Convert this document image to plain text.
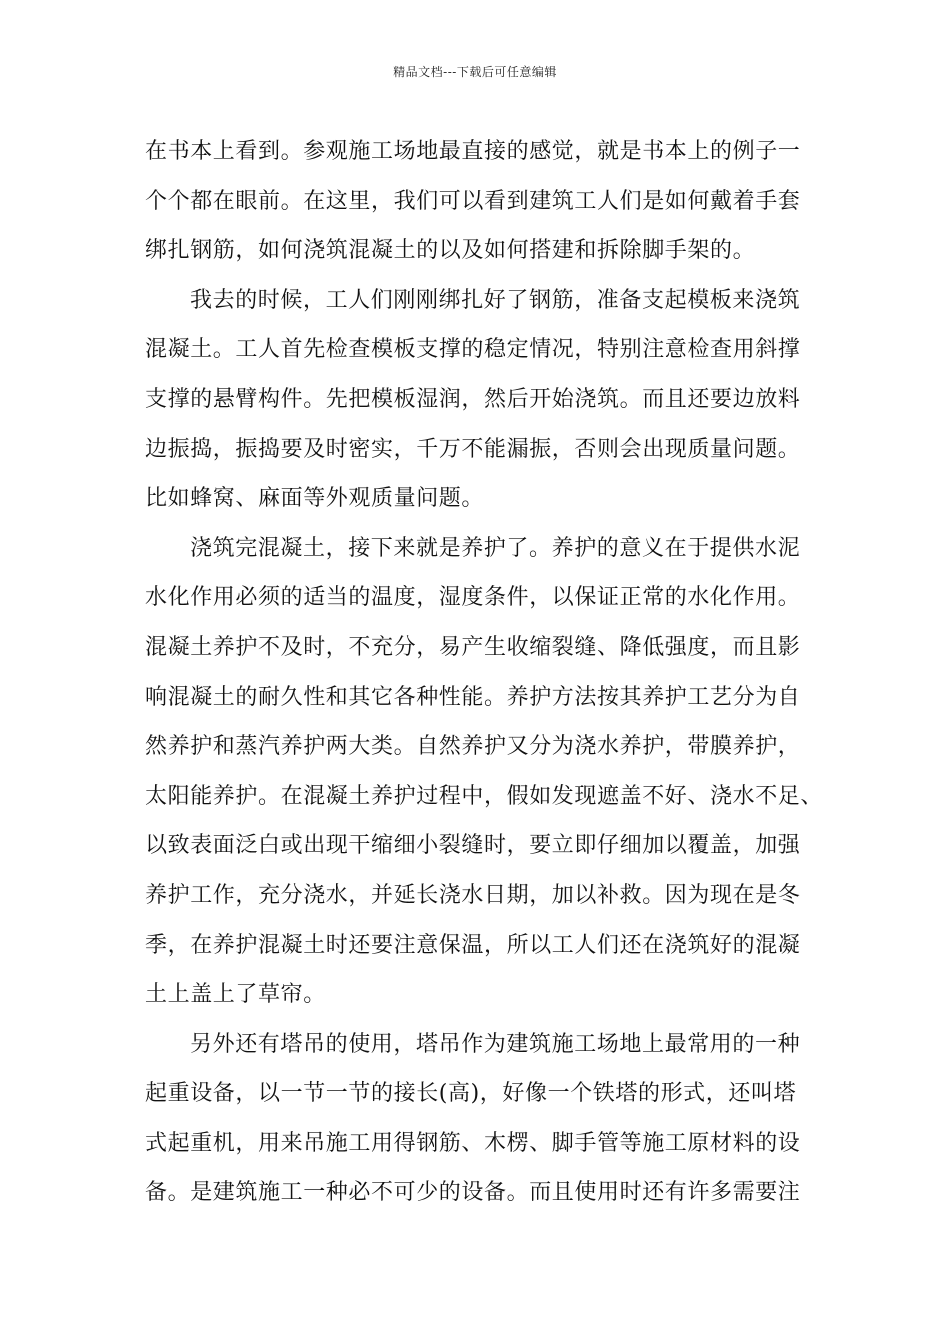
精品文档---下载后可任意编辑
在书本上看到。参观施工场地最直接的感觉，就是书本上的例子一
个个都在眼前。在这里，我们可以看到建筑工人们是如何戴着手套
绑扎钢筋，如何浇筑混凝土的以及如何搭建和拆除脚手架的。
我去的时候，工人们刚刚绑扎好了钢筋，准备支起模板来浇筑
混凝土。工人首先检查模板支撑的稳定情况，特别注意检查用斜撑
支撑的悬臂构件。先把模板湿润，然后开始浇筑。而且还要边放料
边振捣，振捣要及时密实，千万不能漏振，否则会出现质量问题。
比如蜂窝、麻面等外观质量问题。
浇筑完混凝土，接下来就是养护了。养护的意义在于提供水泥
水化作用必须的适当的温度，湿度条件，以保证正常的水化作用。
混凝土养护不及时，不充分，易产生收缩裂缝、降低强度，而且影
响混凝土的耐久性和其它各种性能。养护方法按其养护工艺分为自
然养护和蒸汽养护两大类。自然养护又分为浇水养护，带膜养护，
太阳能养护。在混凝土养护过程中，假如发现遮盖不好、浇水不足、
以致表面泛白或出现干缩细小裂缝时，要立即仔细加以覆盖，加强
养护工作，充分浇水，并延长浇水日期，加以补救。因为现在是冬
季，在养护混凝土时还要注意保温，所以工人们还在浇筑好的混凝
土上盖上了草帘。
另外还有塔吊的使用，塔吊作为建筑施工场地上最常用的一种
起重设备，以一节一节的接长(高)，好像一个铁塔的形式，还叫塔
式起重机，用来吊施工用得钢筋、木楞、脚手管等施工原材料的设
备。是建筑施工一种必不可少的设备。而且使用时还有许多需要注
